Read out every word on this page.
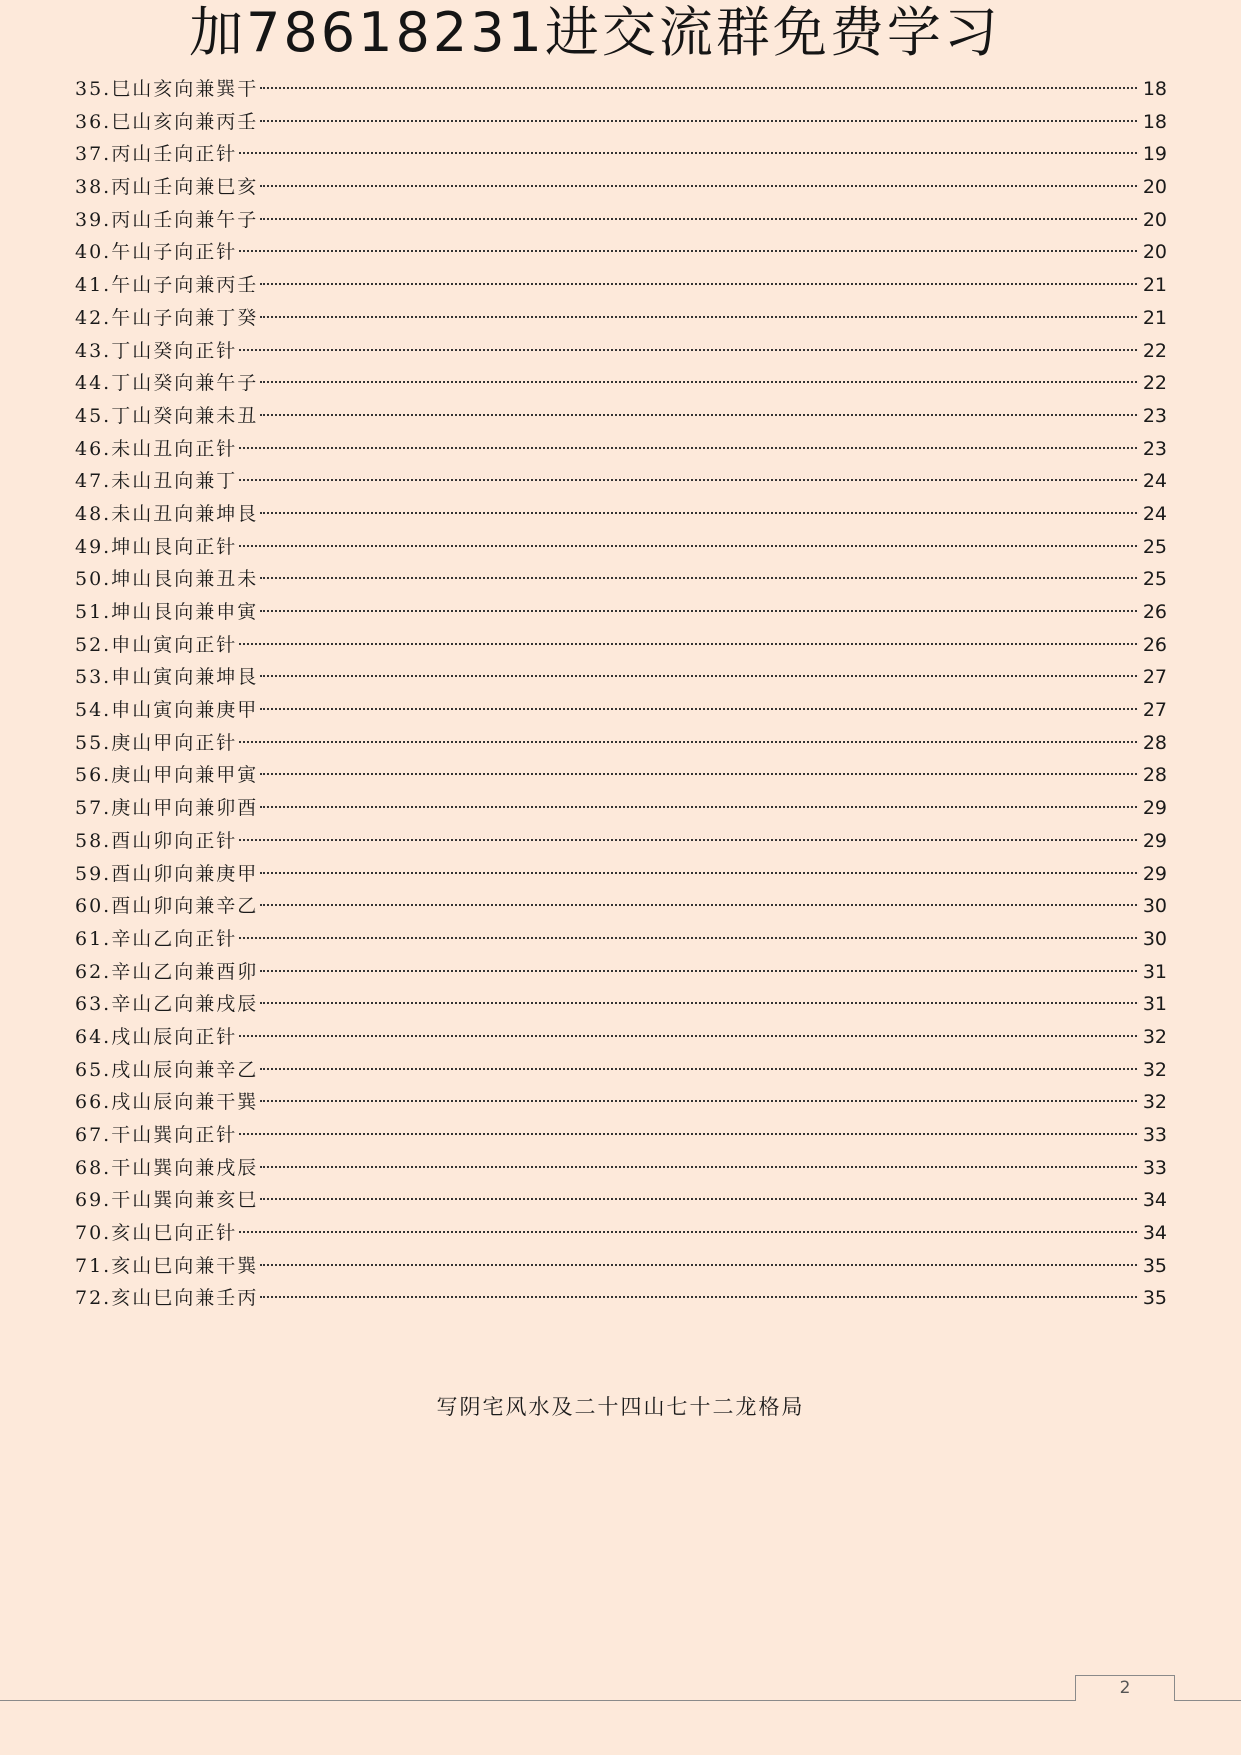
加78618231进交流群免费学习
35.巳山亥向兼巽干	18
36.巳山亥向兼丙壬	18
37.丙山壬向正针	19
38.丙山壬向兼巳亥	20
39.丙山壬向兼午子	20
40.午山子向正针	20
41.午山子向兼丙壬	21
42.午山子向兼丁癸	21
43.丁山癸向正针	22
44.丁山癸向兼午子	22
45.丁山癸向兼未丑	23
46.未山丑向正针	23
47.未山丑向兼丁	24
48.未山丑向兼坤艮	24
49.坤山艮向正针	25
50.坤山艮向兼丑未	25
51.坤山艮向兼申寅	26
52.申山寅向正针	26
53.申山寅向兼坤艮	27
54.申山寅向兼庚甲	27
55.庚山甲向正针	28
56.庚山甲向兼甲寅	28
57.庚山甲向兼卯酉	29
58.酉山卯向正针	29
59.酉山卯向兼庚甲	29
60.酉山卯向兼辛乙	30
61.辛山乙向正针	30
62.辛山乙向兼酉卯	31
63.辛山乙向兼戌辰	31
64.戌山辰向正针	32
65.戌山辰向兼辛乙	32
66.戌山辰向兼干巽	32
67.干山巽向正针	33
68.干山巽向兼戌辰	33
69.干山巽向兼亥巳	34
70.亥山巳向正针	34
71.亥山巳向兼干巽	35
72.亥山巳向兼壬丙	35
写阴宅风水及二十四山七十二龙格局
2
